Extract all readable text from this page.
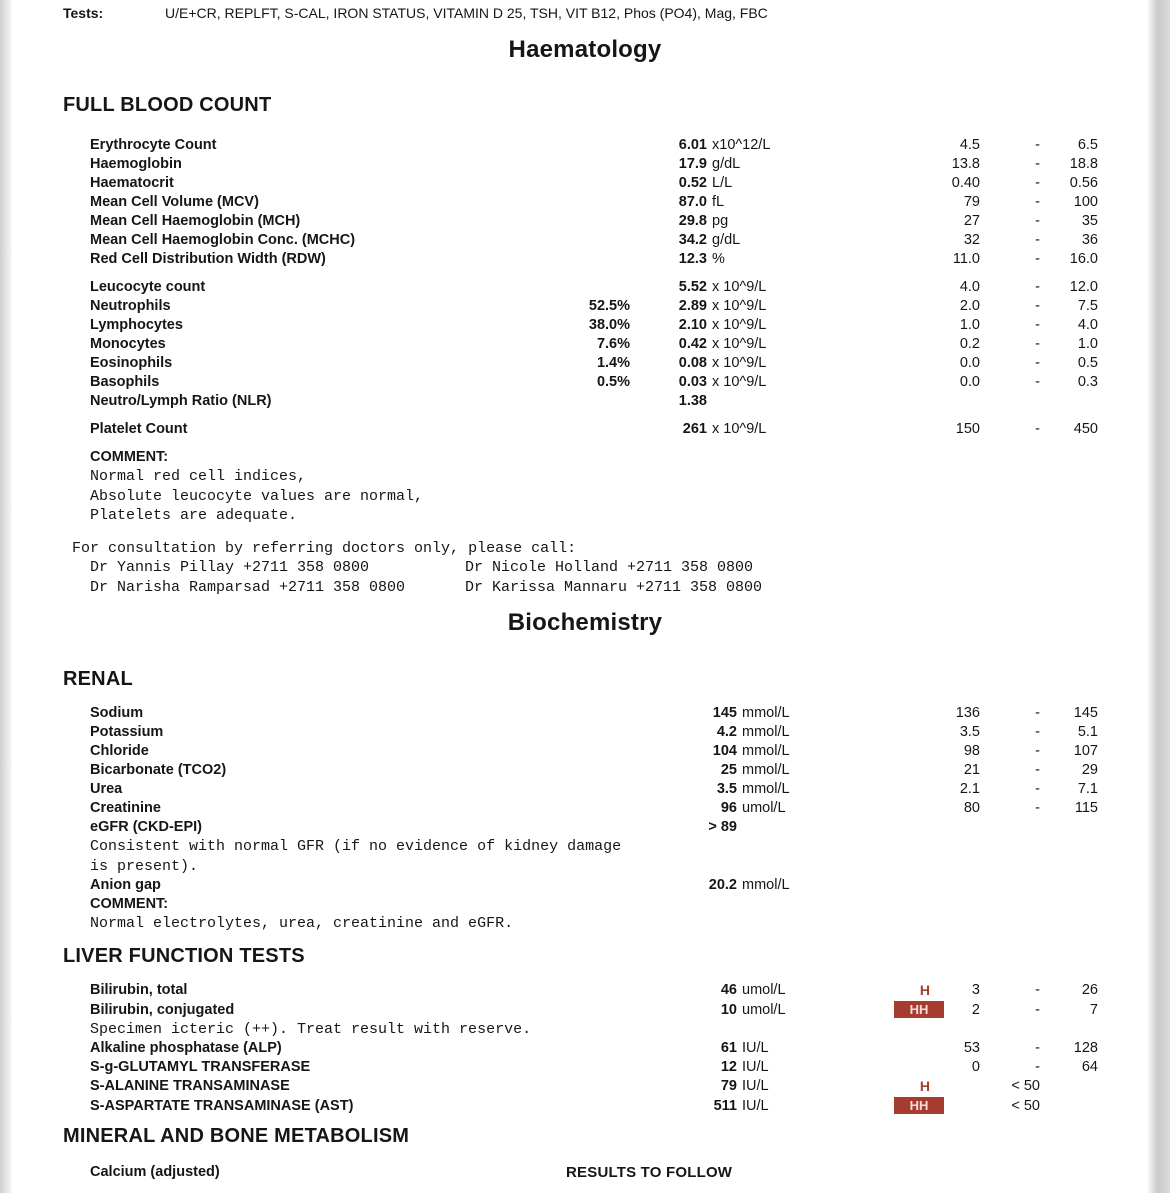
Tests:	U/E+CR, REPLFT, S-CAL, IRON STATUS, VITAMIN D 25, TSH, VIT B12, Phos (PO4), Mag, FBC
Haematology
FULL BLOOD COUNT
Erythrocyte Count	6.01 x10^12/L	4.5	-	6.5
Haemoglobin	17.9 g/dL	13.8	-	18.8
Haematocrit	0.52 L/L	0.40	-	0.56
Mean Cell Volume (MCV)	87.0 fL	79	-	100
Mean Cell Haemoglobin (MCH)	29.8 pg	27	-	35
Mean Cell Haemoglobin Conc. (MCHC)	34.2 g/dL	32	-	36
Red Cell Distribution Width (RDW)	12.3 %	11.0	-	16.0
Leucocyte count	5.52 x 10^9/L	4.0	-	12.0
Neutrophils	52.5%	2.89 x 10^9/L	2.0	-	7.5
Lymphocytes	38.0%	2.10 x 10^9/L	1.0	-	4.0
Monocytes	7.6%	0.42 x 10^9/L	0.2	-	1.0
Eosinophils	1.4%	0.08 x 10^9/L	0.0	-	0.5
Basophils	0.5%	0.03 x 10^9/L	0.0	-	0.3
Neutro/Lymph Ratio (NLR)	1.38
Platelet Count	261 x 10^9/L	150	-	450
COMMENT:
Normal red cell indices,
Absolute leucocyte values are normal,
Platelets are adequate.
For consultation by referring doctors only, please call:
Dr Yannis Pillay +2711 358 0800	Dr Nicole Holland +2711 358 0800
Dr Narisha Ramparsad +2711 358 0800	Dr Karissa Mannaru +2711 358 0800
Biochemistry
RENAL
Sodium	145 mmol/L	136	-	145
Potassium	4.2 mmol/L	3.5	-	5.1
Chloride	104 mmol/L	98	-	107
Bicarbonate (TCO2)	25 mmol/L	21	-	29
Urea	3.5 mmol/L	2.1	-	7.1
Creatinine	96 umol/L	80	-	115
eGFR (CKD-EPI)	> 89
Consistent with normal GFR (if no evidence of kidney damage
is present).
Anion gap	20.2 mmol/L
COMMENT:
Normal electrolytes, urea, creatinine and eGFR.
LIVER FUNCTION TESTS
Bilirubin, total	46 umol/L	H	3	-	26
Bilirubin, conjugated	10 umol/L	HH	2	-	7
Specimen icteric (++). Treat result with reserve.
Alkaline phosphatase (ALP)	61 IU/L	53	-	128
S-g-GLUTAMYL TRANSFERASE	12 IU/L	0	-	64
S-ALANINE TRANSAMINASE	79 IU/L	H	< 50
S-ASPARTATE TRANSAMINASE (AST)	511 IU/L	HH	< 50
MINERAL AND BONE METABOLISM
Calcium (adjusted)	RESULTS TO FOLLOW
